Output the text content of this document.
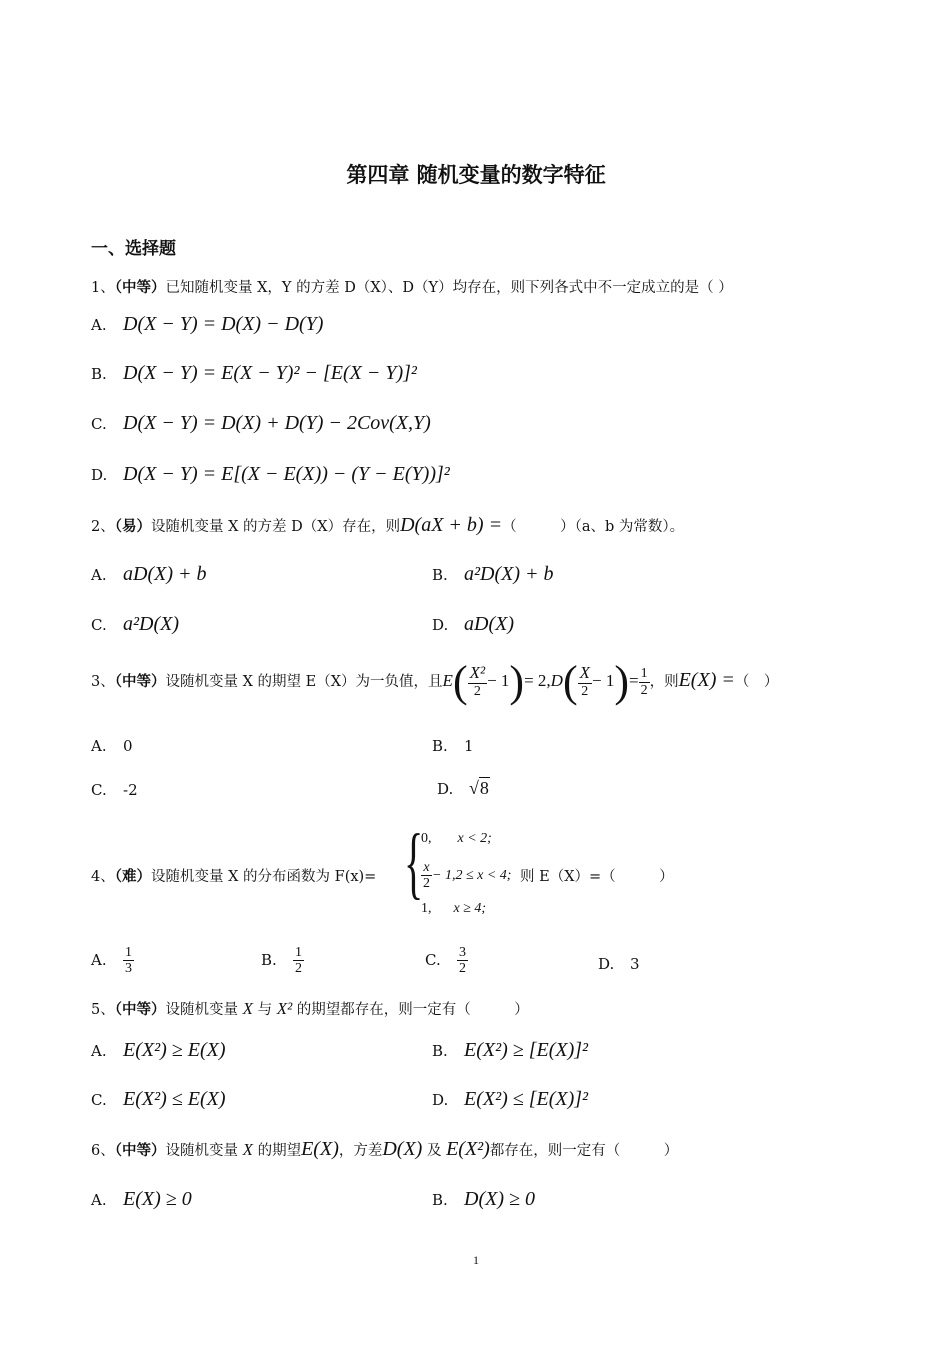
第四章 随机变量的数字特征
一、选择题
1、（中等）已知随机变量 X，Y 的方差 D（X）、D（Y）均存在，则下列各式中不一定成立的是（ ）
A. D(X − Y) = D(X) − D(Y)
B. D(X − Y) = E(X − Y)² − [E(X − Y)]²
C. D(X − Y) = D(X) + D(Y) − 2Cov(X,Y)
D. D(X − Y) = E[(X − E(X)) − (Y − E(Y))]²
2、（易）设随机变量 X 的方差 D（X）存在，则D(aX + b) =（　　　）（a、b 为常数）。
A. aD(X) + b	B. a²D(X) + b
C. a²D(X)	D. aD(X)
3、（中等）设随机变量 X 的期望 E（X）为一负值，且$E( \frac{\text{X²}}{2} - 1)= 2,D( \frac{X}{2} - 1)= \frac{1}{2}$ ，则E(X) =（　）
A. 0	B. 1
C. -2	D. √8
4、（难）设随机变量 X 的分布函数为 F(x)= {
0, x < 2;
$\frac{x}{2} - 1,2 \le x < 4$;
1, x ≥ 4;
则 E（X）=（　　　）
A. $\frac{1}{3}$	B. $\frac{1}{2}$	C. $\frac{3}{2}$	D. 3
5、（中等）设随机变量 X 与 X² 的期望都存在，则一定有（　　　）
A. E(X²) ≥ E(X)	B. E(X²) ≥ [E(X)]²
C. E(X²) ≤ E(X)	D. E(X²) ≤ [E(X)]²
6、（中等）设随机变量 X 的期望E(X)，方差D(X) 及 E(X²)都存在，则一定有（　　　）
A. E(X) ≥ 0	B. D(X) ≥ 0
1
